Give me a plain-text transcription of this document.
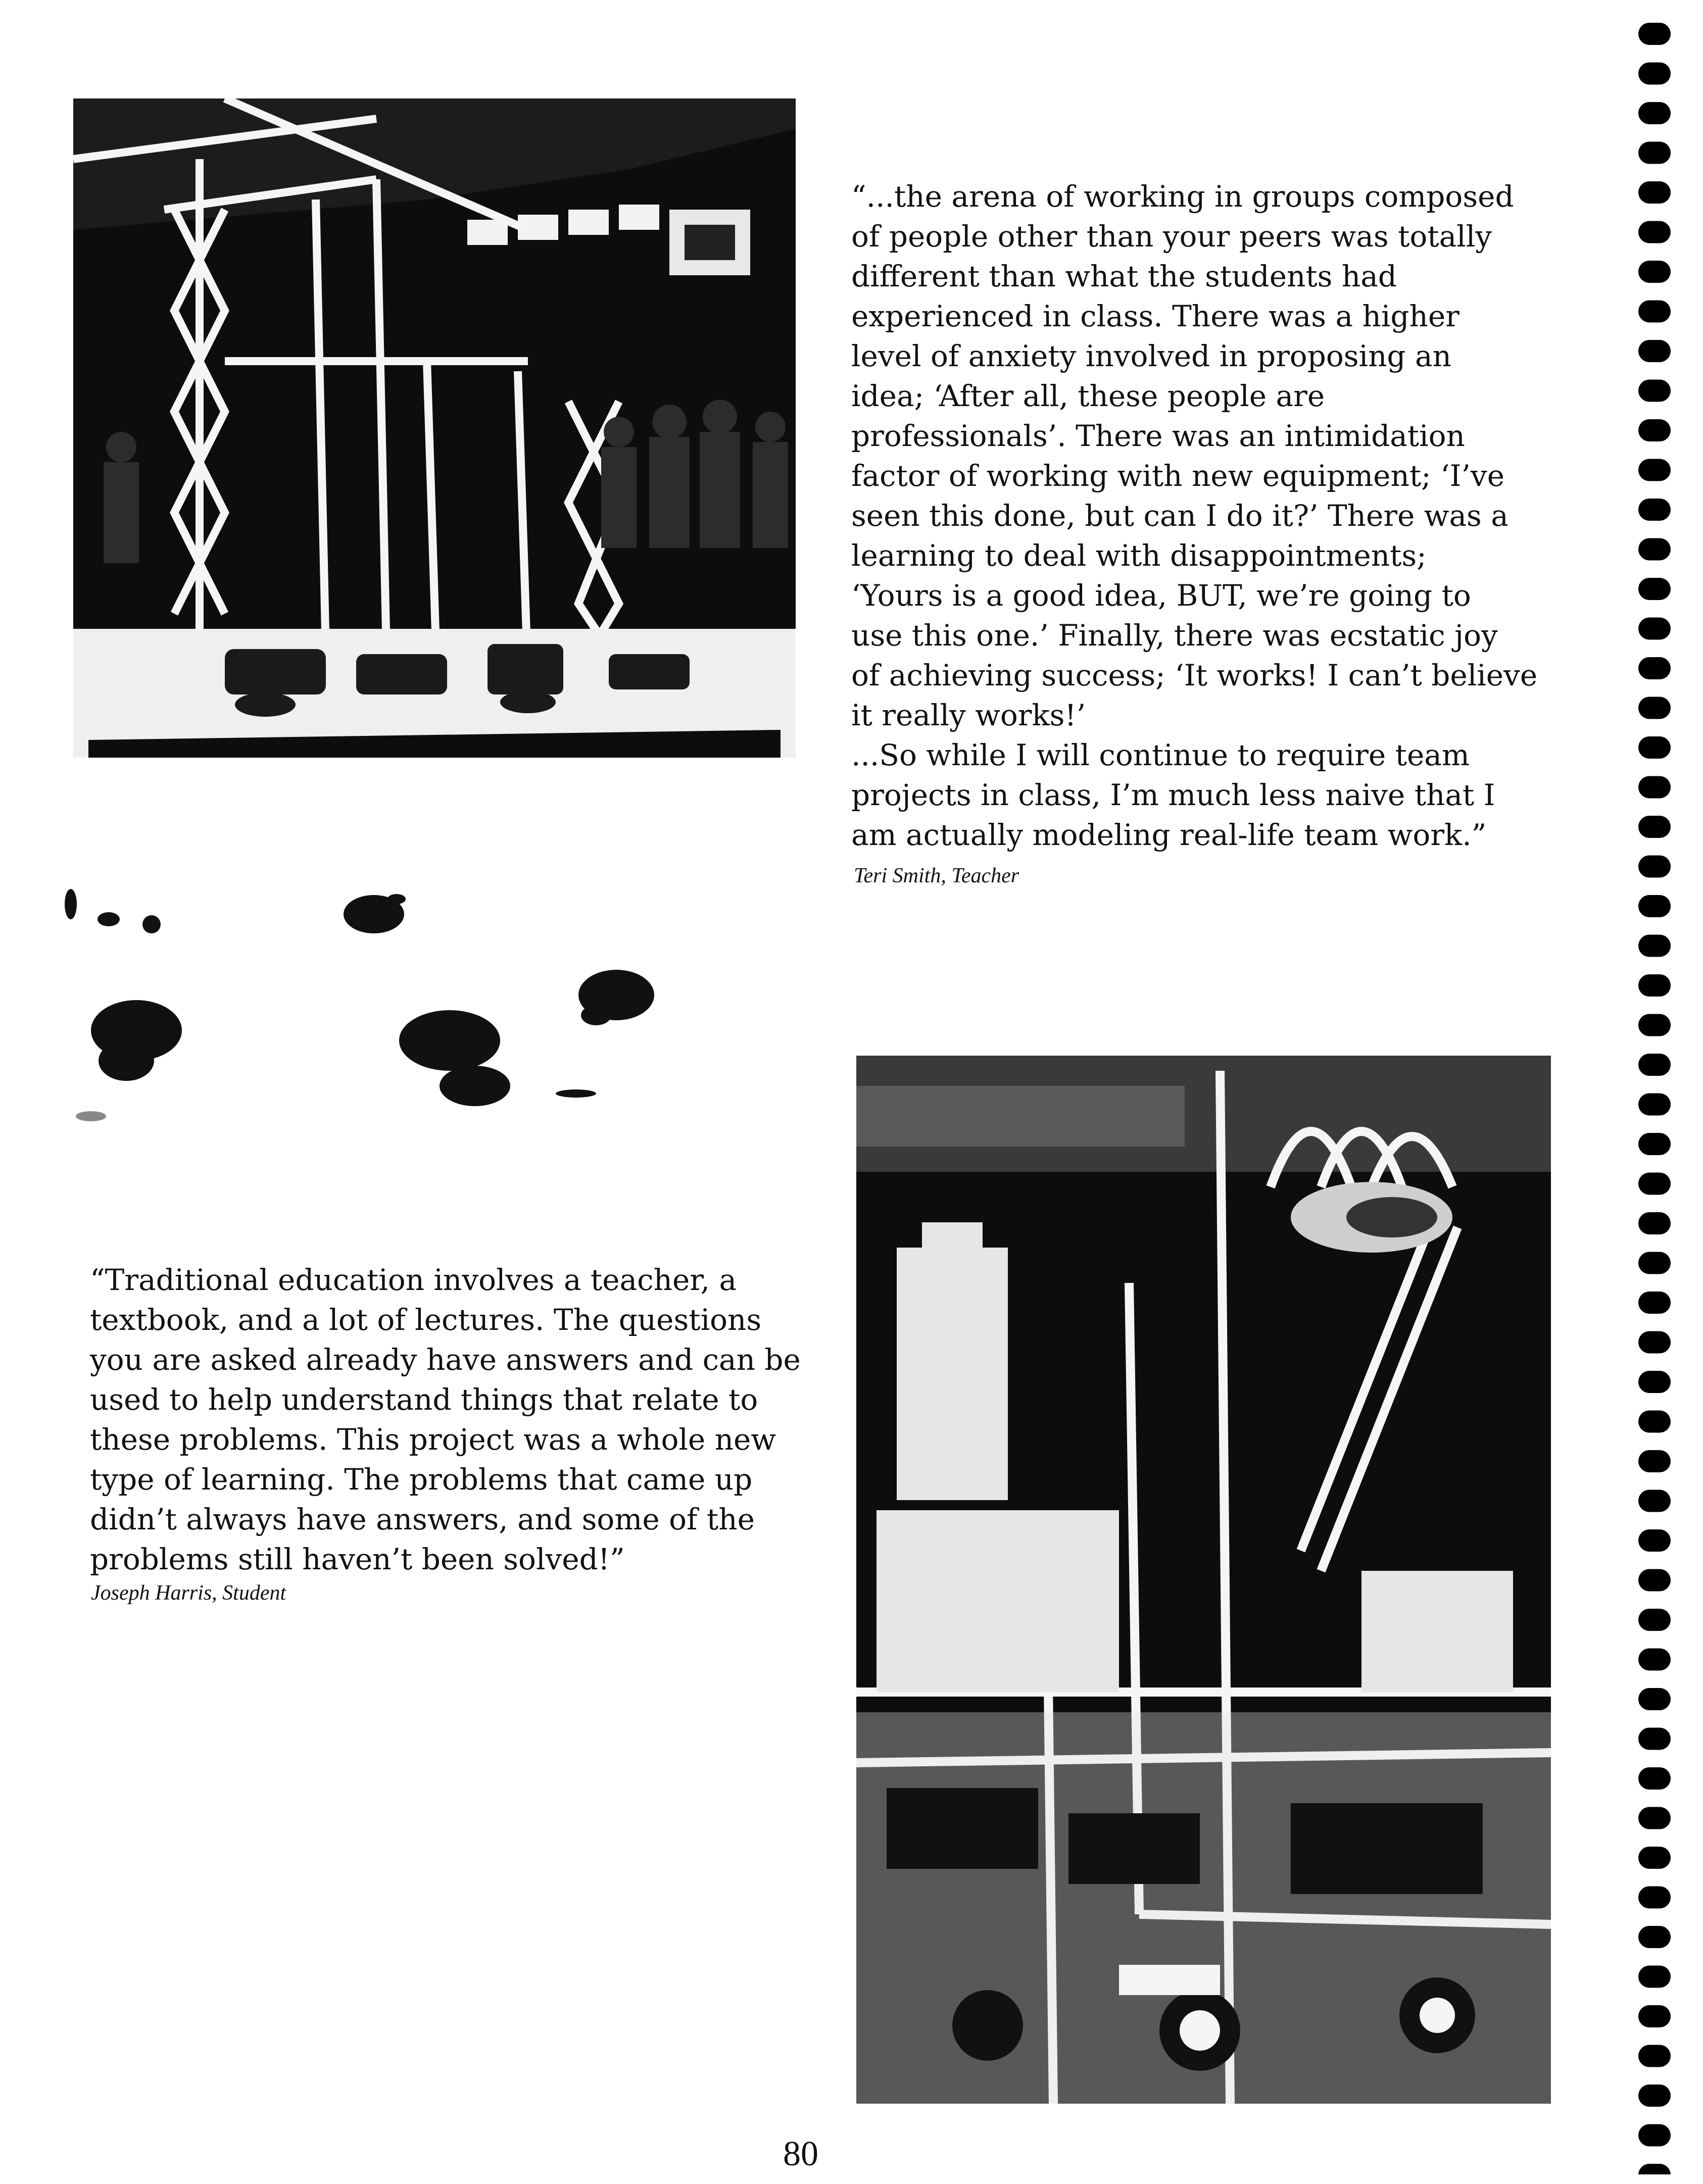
“...the arena of working in groups composed
of people other than your peers was totally
different than what the students had
experienced in class. There was a higher
level of anxiety involved in proposing an
idea; ‘After all, these people are
professionals’. There was an intimidation
factor of working with new equipment; ‘I’ve
seen this done, but can I do it?’ There was a
learning to deal with disappointments;
‘Yours is a good idea, BUT, we’re going to
use this one.’ Finally, there was ecstatic joy
of achieving success; ‘It works! I can’t believe
it really works!’
...So while I will continue to require team
projects in class, I’m much less naive that I
am actually modeling real-life team work.”

Teri Smith, Teacher

“Traditional education involves a teacher, a
textbook, and a lot of lectures. The questions
you are asked already have answers and can be
used to help understand things that relate to
these problems. This project was a whole new
type of learning. The problems that came up
didn’t always have answers, and some of the
problems still haven’t been solved!”

Joseph Harris, Student

80
